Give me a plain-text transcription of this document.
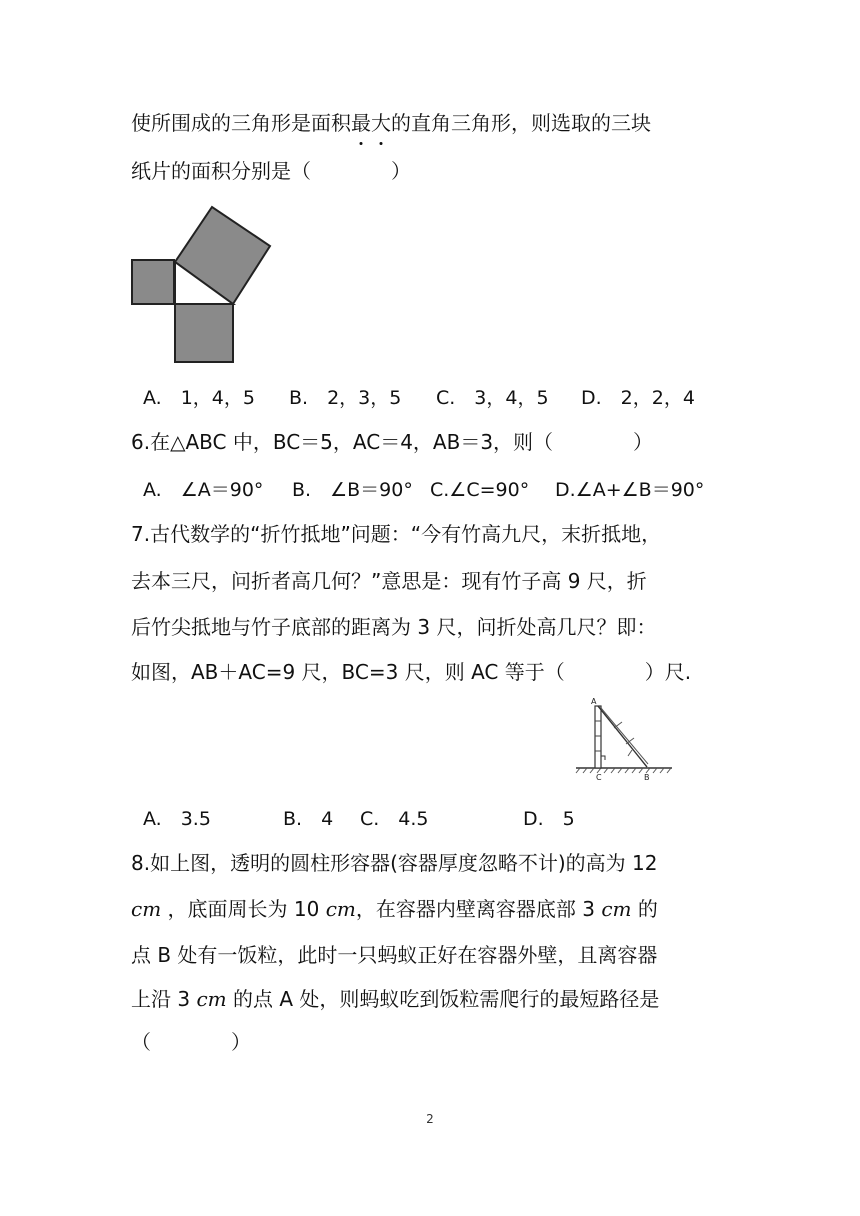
使所围成的三角形是面积最大的直角三角形，则选取的三块
纸片的面积分别是（　　　　）
A.　1，4，5 B.　2，3，5 C.　3，4，5 D.　2，2，4
6.在△ABC 中，BC＝5，AC＝4，AB＝3，则（　　　　）
A.　∠A＝90° B.　∠B＝90° C.∠C=90° D.∠A+∠B＝90°
7.古代数学的“折竹抵地”问题：“今有竹高九尺，末折抵地，
去本三尺，问折者高几何？”意思是：现有竹子高 9 尺，折
后竹尖抵地与竹子底部的距离为 3 尺，问折处高几尺？即：
如图，AB＋AC=9 尺，BC=3 尺，则 AC 等于（　　　　）尺.
A
C	B
A.　3.5	B.　4 C.　4.5	D.　5
8.如上图，透明的圆柱形容器(容器厚度忽略不计)的高为 12
cm ，底面周长为 10 cm，在容器内壁离容器底部 3 cm 的
点 B 处有一饭粒，此时一只蚂蚁正好在容器外壁，且离容器
上沿 3 cm 的点 A 处，则蚂蚁吃到饭粒需爬行的最短路径是
（　　　　）
2
